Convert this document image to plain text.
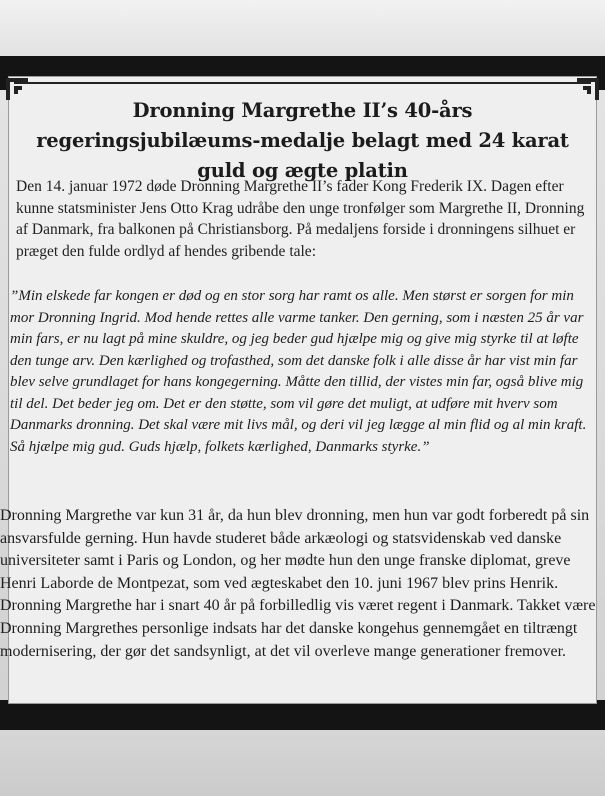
Dronning Margrethe II’s 40-års regeringsjubilæums-medalje belagt med 24 karat guld og ægte platin

Den 14. januar 1972 døde Dronning Margrethe II’s fader Kong Frederik IX. Dagen efter kunne statsminister Jens Otto Krag udråbe den unge tronfølger som Margrethe II, Dronning af Danmark, fra balkonen på Christiansborg. På medaljens forside i dronningens silhuet er præget den fulde ordlyd af hendes gribende tale:

”Min elskede far kongen er død og en stor sorg har ramt os alle. Men størst er sorgen for min mor Dronning Ingrid. Mod hende rettes alle varme tanker. Den gerning, som i næsten 25 år var min fars, er nu lagt på mine skuldre, og jeg beder gud hjælpe mig og give mig styrke til at løfte den tunge arv. Den kærlighed og trofasthed, som det danske folk i alle disse år har vist min far blev selve grundlaget for hans kongegerning. Måtte den tillid, der vistes min far, også blive mig til del. Det beder jeg om. Det er den støtte, som vil gøre det muligt, at udføre mit hverv som Danmarks dronning. Det skal være mit livs mål, og deri vil jeg lægge al min flid og al min kraft. Så hjælpe mig gud. Guds hjælp, folkets kærlighed, Danmarks styrke.”

Dronning Margrethe var kun 31 år, da hun blev dronning, men hun var godt forberedt på sin ansvarsfulde gerning. Hun havde studeret både arkæologi og statsvidenskab ved danske universiteter samt i Paris og London, og her mødte hun den unge franske diplomat, greve Henri Laborde de Montpezat, som ved ægteskabet den 10. juni 1967 blev prins Henrik. Dronning Margrethe har i snart 40 år på forbilledlig vis været regent i Danmark. Takket være Dronning Margrethes personlige indsats har det danske kongehus gennemgået en tiltrængt modernisering, der gør det sandsynligt, at det vil overleve mange generationer fremover.
